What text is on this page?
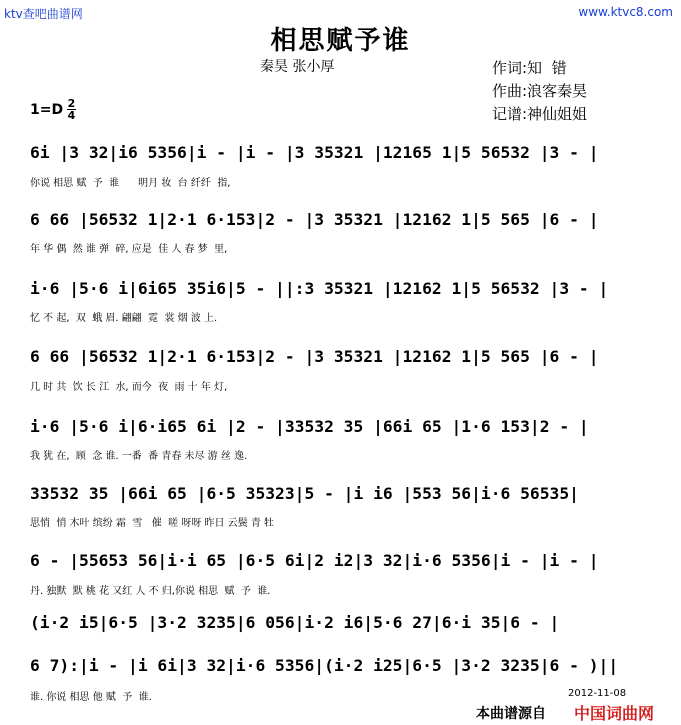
ktv查吧曲谱网	www.ktvc8.com
相思赋予谁
秦昊 张小厚	作词:知  错
作曲:浪客秦昊
记谱:神仙姐姐
1=D 2
4
6i |3 32|i6 5356|i - |i - |3 35321 |12165 1|5 56532 |3 - |
你说 相思 赋  予  谁      明月 妆  台 纤纤  指,
6 66 |56532 1|2·1 6·153|2 - |3 35321 |12162 1|5 565 |6 - |
年 华 偶  然 谁 弹  碎, 应是  佳 人 春 梦  里,
i·6 |5·6 i|6i65 35i6|5 - ||:3 35321 |12162 1|5 56532 |3 - |
忆 不 起,  双  蛾 眉. 翩翩  霓  裳 烟 波 上.
6 66 |56532 1|2·1 6·153|2 - |3 35321 |12162 1|5 565 |6 - |
几 时 共  饮 长 江  水, 而今  夜  雨 十 年 灯,
i·6 |5·6 i|6·i65 6i |2 - |33532 35 |66i 65 |1·6 153|2 - |
我 犹 在,  顾  念 谁. 一番  番 青春 未尽 游 丝 逸.
33532 35 |66i 65 |6·5 35323|5 - |i i6 |553 56|i·6 56535|
思悄  悄 木叶 缤纷 霜  雪   催  嗟 呀呀 昨日 云鬓 青 牡
6 - |55653 56|i·i 65 |6·5 6i|2 i2|3 32|i·6 5356|i - |i - |
丹. 独默  默 桃 花 又红 人 不 归,你说 相思  赋  予  谁.
(i·2 i5|6·5 |3·2 3235|6 056|i·2 i6|5·6 27|6·i 35|6 - |
6 7):|i - |i 6i|3 32|i·6 5356|(i·2 i25|6·5 |3·2 3235|6 - )||
谁. 你说 相思 他 赋  予  谁.	2012-11-08
本曲谱源自 中国词曲网
